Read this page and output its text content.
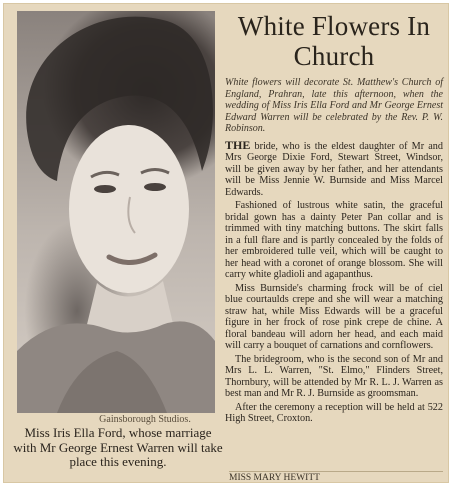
Gainsborough Studios.
Miss Iris Ella Ford, whose marriage with Mr George Ernest Warren will take place this evening.
White Flowers In Church

White flowers will decorate St. Matthew's Church of England, Prahran, late this afternoon, when the wedding of Miss Iris Ella Ford and Mr George Ernest Edward Warren will be celebrated by the Rev. P. W. Robinson.

THE bride, who is the eldest daughter of Mr and Mrs George Dixie Ford, Stewart Street, Windsor, will be given away by her father, and her attendants will be Miss Jennie W. Burnside and Miss Marcel Edwards.

Fashioned of lustrous white satin, the graceful bridal gown has a dainty Peter Pan collar and is trimmed with tiny matching buttons. The skirt falls in a full flare and is partly concealed by the folds of her embroidered tulle veil, which will be caught to her head with a coronet of orange blossom. She will carry white gladioli and agapanthus.

Miss Burnside's charming frock will be of ciel blue courtaulds crepe and she will wear a matching straw hat, while Miss Edwards will be a graceful figure in her frock of rose pink crepe de chine. A floral bandeau will adorn her head, and each maid will carry a bouquet of carnations and cornflowers.

The bridegroom, who is the second son of Mr and Mrs L. L. Warren, "St. Elmo," Flinders Street, Thornbury, will be attended by Mr R. L. J. Warren as best man and Mr R. J. Burnside as groomsman.

After the ceremony a reception will be held at 522 High Street, Croxton.

MISS MARY HEWITT
